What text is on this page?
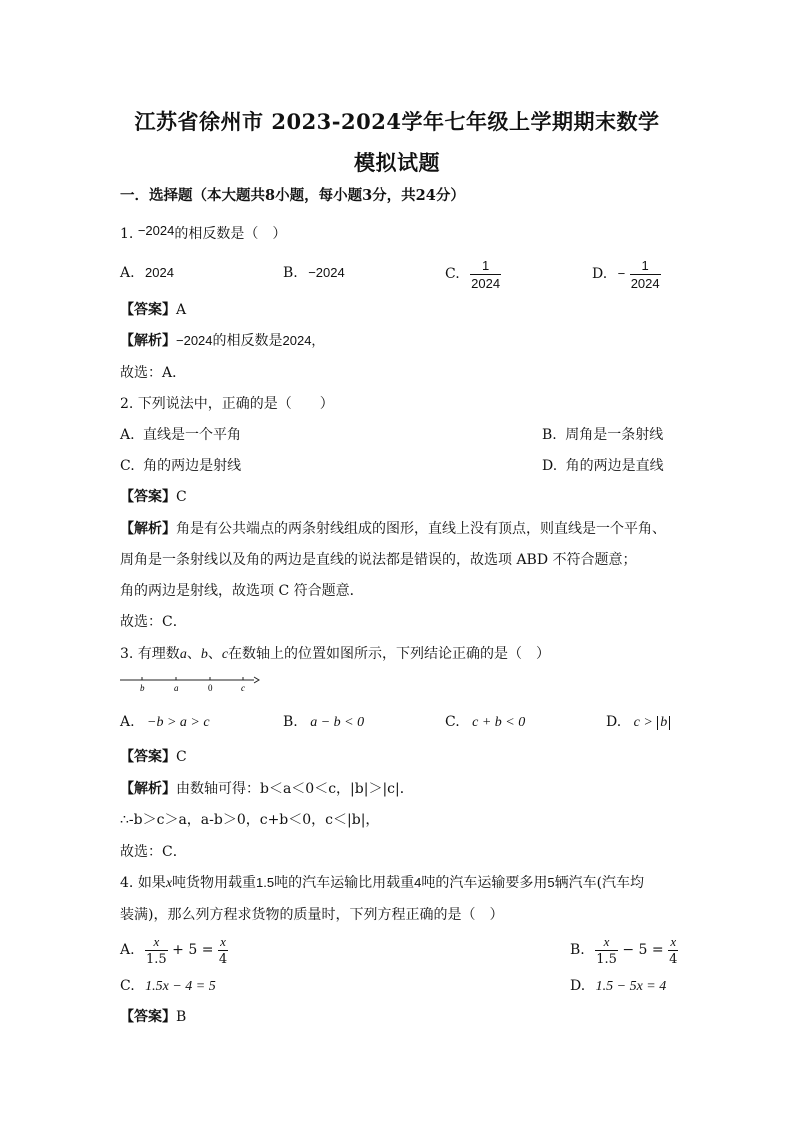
江苏省徐州市 2023-2024学年七年级上学期期末数学
模拟试题
一．选择题（本大题共8小题，每小题3分，共24分）
1. −2024的相反数是（　）
A. 2024	B. −2024	C. $\frac{1}{2024}$	D. − $\frac{1}{2024}$
【答案】A
【解析】−2024的相反数是2024，
故选：A．
2. 下列说法中，正确的是（　　）
A. 直线是一个平角	B. 周角是一条射线
C. 角的两边是射线	D. 角的两边是直线
【答案】C
【解析】角是有公共端点的两条射线组成的图形，直线上没有顶点，则直线是一个平角、
周角是一条射线以及角的两边是直线的说法都是错误的，故选项 ABD 不符合题意；
角的两边是射线，故选项 C 符合题意．
故选：C．
3. 有理数a、b、c在数轴上的位置如图所示，下列结论正确的是（　）
b	a	0	c
A. −b > a > c	B. a − b < 0	C. c + b < 0	D. c > b
【答案】C
【解析】由数轴可得：b＜a＜0＜c，|b|＞|c|．
∴-b＞c＞a，a-b＞0，c+b＜0，c＜|b|，
故选：C．
4. 如果x吨货物用载重1.5吨的汽车运输比用载重4吨的汽车运输要多用5辆汽车(汽车均
装满)，那么列方程求货物的质量时，下列方程正确的是（　）
A. $\frac{x}{1.5} + 5 = \frac{x}{4}$	B. $\frac{x}{1.5} - 5 = \frac{x}{4}$
C. 1.5x − 4 = 5	D. 1.5 − 5x = 4
【答案】B
